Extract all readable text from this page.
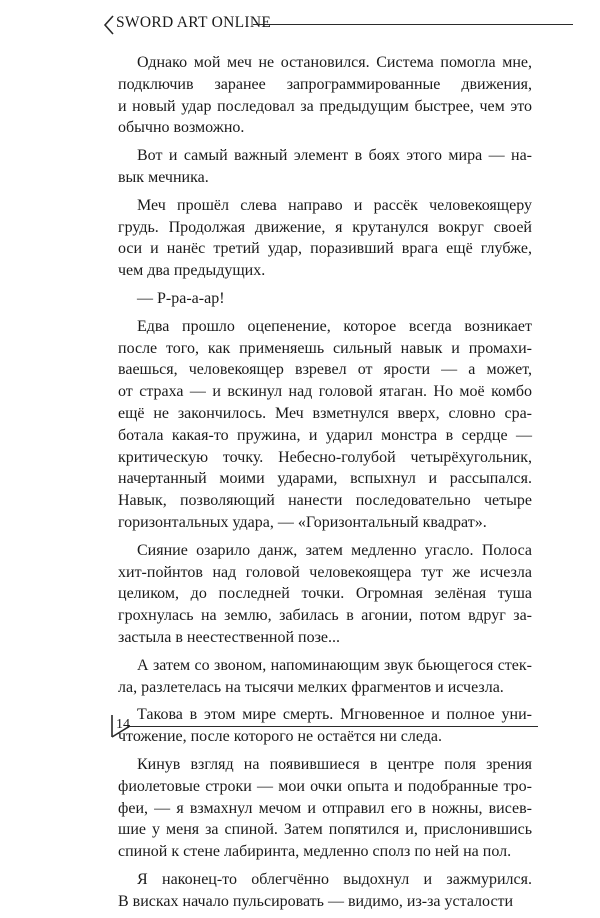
SWORD ART ONLINE
Однако мой меч не остановился. Система помогла мне,
подключив заранее запрограммированные движения,
и новый удар последовал за предыдущим быстрее, чем это
обычно возможно.
Вот и самый важный элемент в боях этого мира — на-
вык мечника.
Меч прошёл слева направо и рассёк человекоящеру
грудь. Продолжая движение, я крутанулся вокруг своей
оси и нанёс третий удар, поразивший врага ещё глубже,
чем два предыдущих.
— Р-ра-а-ар!
Едва прошло оцепенение, которое всегда возникает
после того, как применяешь сильный навык и промахи-
ваешься, человекоящер взревел от ярости — а может,
от страха — и вскинул над головой ятаган. Но моё комбо
ещё не закончилось. Меч взметнулся вверх, словно сра-
ботала какая-то пружина, и ударил монстра в сердце —
критическую точку. Небесно-голубой четырёхугольник,
начертанный моими ударами, вспыхнул и рассыпался.
Навык, позволяющий нанести последовательно четыре
горизонтальных удара, — «Горизонтальный квадрат».
Сияние озарило данж, затем медленно угасло. Полоса
хит-пойнтов над головой человекоящера тут же исчезла
целиком, до последней точки. Огромная зелёная туша
грохнулась на землю, забилась в агонии, потом вдруг за-
застыла в неестественной позе...
А затем со звоном, напоминающим звук бьющегося стек-
ла, разлетелась на тысячи мелких фрагментов и исчезла.
Такова в этом мире смерть. Мгновенное и полное уни-
чтожение, после которого не остаётся ни следа.
Кинув взгляд на появившиеся в центре поля зрения
фиолетовые строки — мои очки опыта и подобранные тро-
феи, — я взмахнул мечом и отправил его в ножны, висев-
шие у меня за спиной. Затем попятился и, прислонившись
спиной к стене лабиринта, медленно сполз по ней на пол.
Я наконец-то облегчённо выдохнул и зажмурился.
В висках начало пульсировать — видимо, из-за усталости
14
